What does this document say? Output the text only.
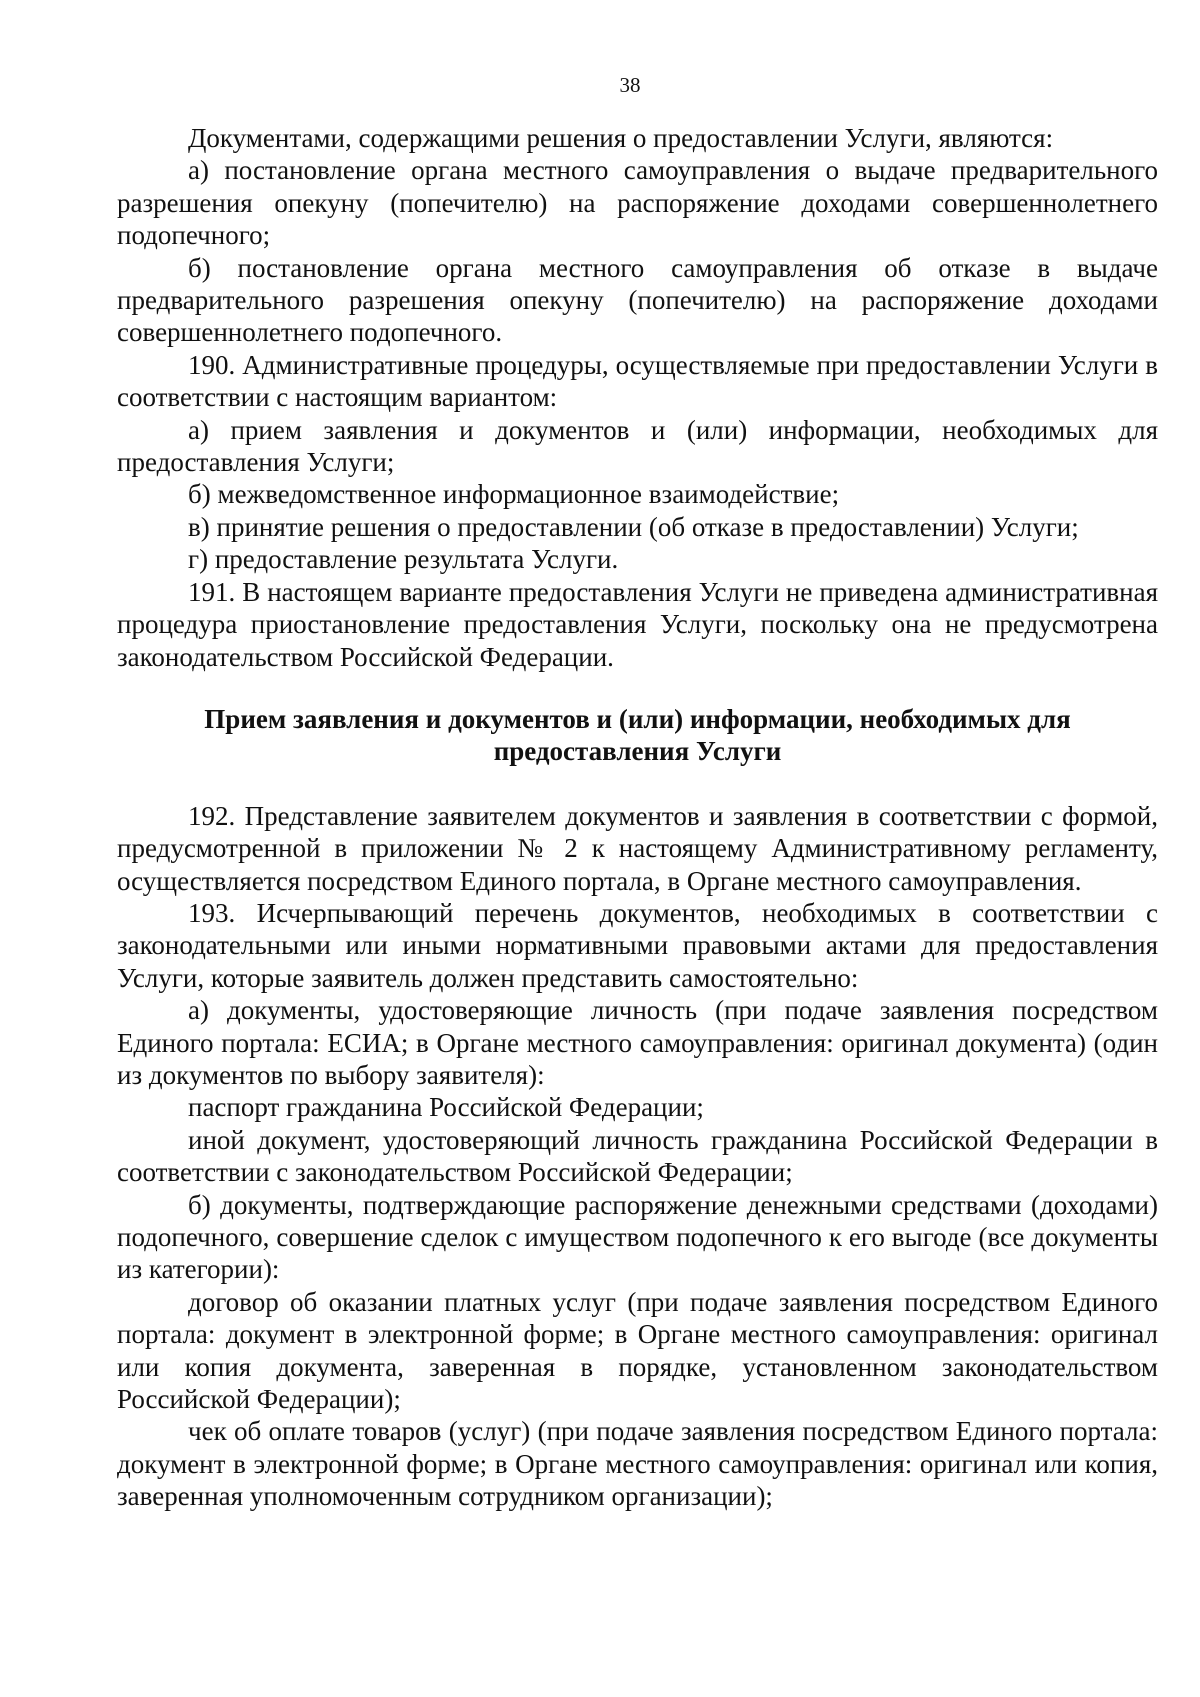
38

Документами, содержащими решения о предоставлении Услуги, являются:

а) постановление органа местного самоуправления о выдаче предварительного разрешения опекуну (попечителю) на распоряжение доходами совершеннолетнего подопечного;

б) постановление органа местного самоуправления об отказе в выдаче предварительного разрешения опекуну (попечителю) на распоряжение доходами совершеннолетнего подопечного.

190. Административные процедуры, осуществляемые при предоставлении Услуги в соответствии с настоящим вариантом:

а) прием заявления и документов и (или) информации, необходимых для предоставления Услуги;

б) межведомственное информационное взаимодействие;

в) принятие решения о предоставлении (об отказе в предоставлении) Услуги;

г) предоставление результата Услуги.

191. В настоящем варианте предоставления Услуги не приведена административная процедура приостановление предоставления Услуги, поскольку она не предусмотрена законодательством Российской Федерации.

Прием заявления и документов и (или) информации, необходимых для
предоставления Услуги

192. Представление заявителем документов и заявления в соответствии с формой, предусмотренной в приложении № 2 к настоящему Административному регламенту, осуществляется посредством Единого портала, в Органе местного самоуправления.

193. Исчерпывающий перечень документов, необходимых в соответствии с законодательными или иными нормативными правовыми актами для предоставления Услуги, которые заявитель должен представить самостоятельно:

а) документы, удостоверяющие личность (при подаче заявления посредством Единого портала: ЕСИА; в Органе местного самоуправления: оригинал документа) (один из документов по выбору заявителя):

паспорт гражданина Российской Федерации;

иной документ, удостоверяющий личность гражданина Российской Федерации в соответствии с законодательством Российской Федерации;

б) документы, подтверждающие распоряжение денежными средствами (доходами) подопечного, совершение сделок с имуществом подопечного к его выгоде (все документы из категории):

договор об оказании платных услуг (при подаче заявления посредством Единого портала: документ в электронной форме; в Органе местного самоуправления: оригинал или копия документа, заверенная в порядке, установленном законодательством Российской Федерации);

чек об оплате товаров (услуг) (при подаче заявления посредством Единого портала: документ в электронной форме; в Органе местного самоуправления: оригинал или копия, заверенная уполномоченным сотрудником организации);
